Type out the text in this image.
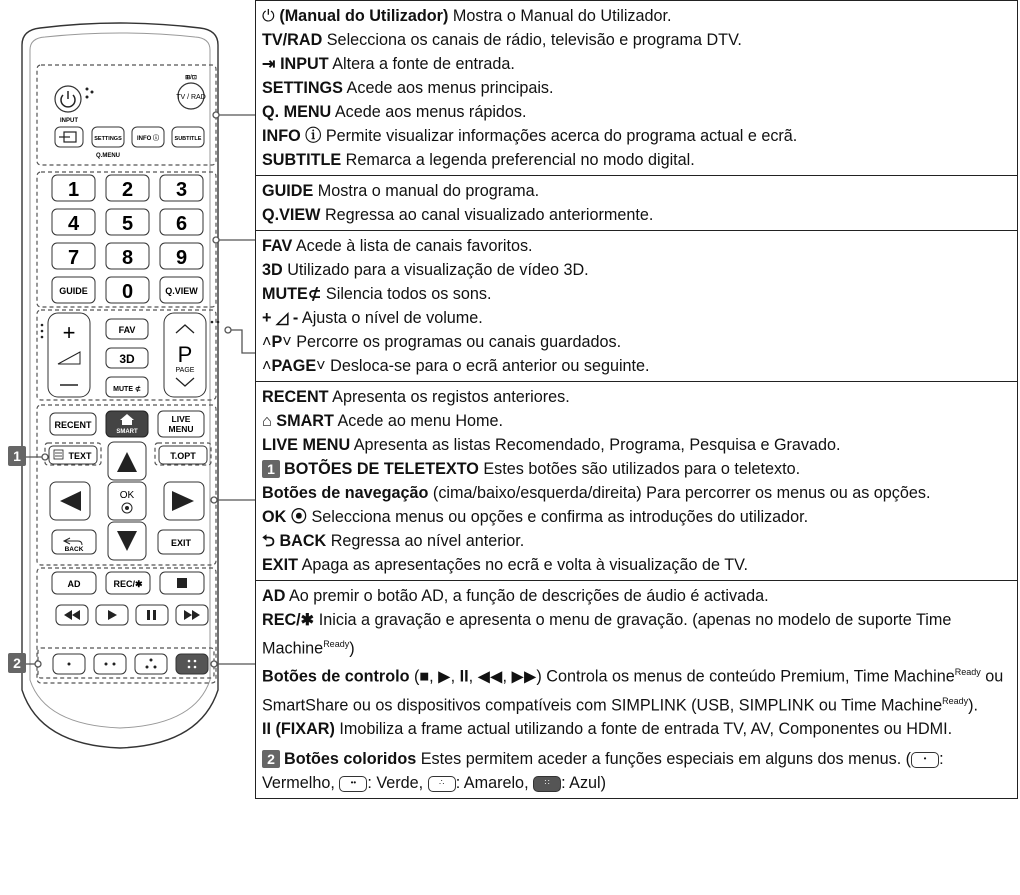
1
2
⊞/⊡
TV / RAD
INPUT
SETTINGS
Q.MENU
INFO ⓘ	SUBTITLE
1 2 3
4 5 6
7 8 9
GUIDE 0	Q.VIEW
+	FAV
3D
MUTE ⊄
P
PAGE
RECENT
SMART
LIVE
MENU
TEXT	T.OPT
OK
BACK
EXIT
AD	REC/✱
⏻ (Manual do Utilizador) Mostra o Manual do Utilizador.
TV/RAD Selecciona os canais de rádio, televisão e programa DTV.
⇥ INPUT Altera a fonte de entrada.
SETTINGS Acede aos menus principais.
Q. MENU Acede aos menus rápidos.
INFO ⓘ Permite visualizar informações acerca do programa actual e ecrã.
SUBTITLE Remarca a legenda preferencial no modo digital.

GUIDE Mostra o manual do programa.
Q.VIEW Regressa ao canal visualizado anteriormente.

FAV Acede à lista de canais favoritos.
3D Utilizado para a visualização de vídeo 3D.
MUTE⊄ Silencia todos os sons.
+ ◿ - Ajusta o nível de volume.
˄P˅ Percorre os programas ou canais guardados.
˄PAGE˅ Desloca-se para o ecrã anterior ou seguinte.

RECENT Apresenta os registos anteriores.
⌂ SMART Acede ao menu Home.
LIVE MENU Apresenta as listas Recomendado, Programa, Pesquisa e Gravado.
1 BOTÕES DE TELETEXTO Estes botões são utilizados para o teletexto.
Botões de navegação (cima/baixo/esquerda/direita) Para percorrer os menus ou as opções.
OK ⦿ Selecciona menus ou opções e confirma as introduções do utilizador.
⮌ BACK Regressa ao nível anterior.
EXIT Apaga as apresentações no ecrã e volta à visualização de TV.

AD Ao premir o botão AD, a função de descrições de áudio é activada.
REC/✱ Inicia a gravação e apresenta o menu de gravação. (apenas no modelo de suporte Time Machine$^{Ready}$)
Botões de controlo (■, ▶, II, ◀◀, ▶▶) Controla os menus de conteúdo Premium, Time Machine$^{Ready}$ ou SmartShare ou os dispositivos compatíveis com SIMPLINK (USB, SIMPLINK ou Time Machine$^{Ready}$).
II (FIXAR) Imobiliza a frame actual utilizando a fonte de entrada TV, AV, Componentes ou HDMI.
2 Botões coloridos Estes permitem aceder a funções especiais em alguns dos menus. ( • : Vermelho, •• : Verde, ∴ : Amarelo, ∷ : Azul)
